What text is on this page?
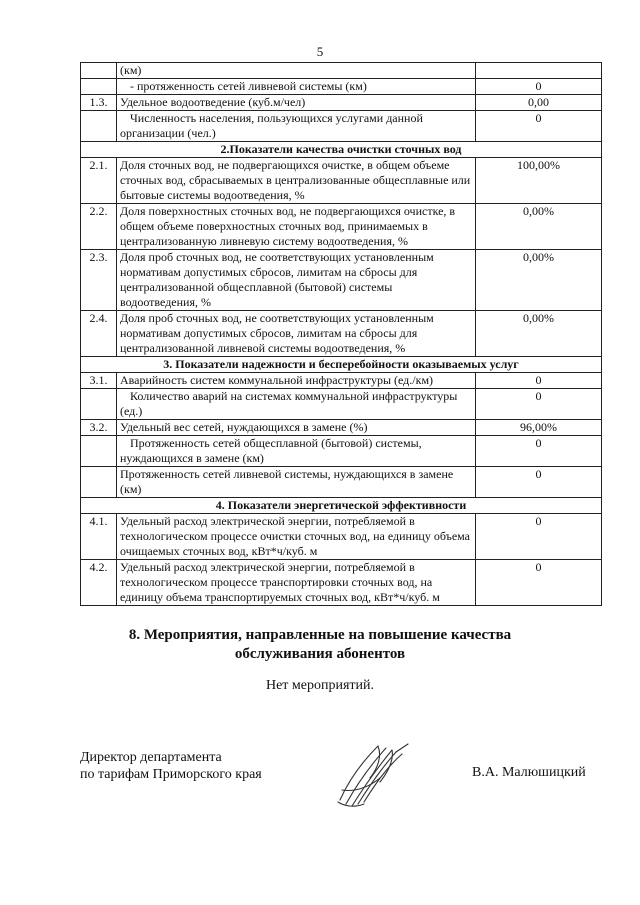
5
	(км)	
	- протяженность сетей ливневой системы (км)	0
1.3.	Удельное водоотведение (куб.м/чел)	0,00
	Численность населения, пользующихся услугами данной организации (чел.)	0
2.Показатели качества очистки сточных вод		
2.1.	Доля сточных вод, не подвергающихся очистке, в общем объеме сточных вод, сбрасываемых в централизованные общесплавные или бытовые системы водоотведения, %	100,00%
2.2.	Доля поверхностных сточных вод, не подвергающихся очистке, в общем объеме поверхностных сточных вод, принимаемых в централизованную ливневую систему водоотведения, %	0,00%
2.3.	Доля проб сточных вод, не соответствующих установленным нормативам допустимых сбросов, лимитам на сбросы для централизованной общесплавной (бытовой) системы водоотведения, %	0,00%
2.4.	Доля проб сточных вод, не соответствующих установленным нормативам допустимых сбросов, лимитам на сбросы для централизованной ливневой системы водоотведения, %	0,00%
3. Показатели надежности и бесперебойности оказываемых услуг		
3.1.	Аварийность систем коммунальной инфраструктуры (ед./км)	0
	Количество аварий на системах коммунальной инфраструктуры (ед.)	0
3.2.	Удельный вес сетей, нуждающихся в замене (%)	96,00%
	Протяженность сетей общесплавной (бытовой) системы, нуждающихся в замене (км)	0
	Протяженность сетей ливневой системы, нуждающихся в замене (км)	0
4. Показатели энергетической эффективности		
4.1.	Удельный расход электрической энергии, потребляемой в технологическом процессе очистки сточных вод, на единицу объема очищаемых сточных вод, кВт*ч/куб. м	0
4.2.	Удельный расход электрической энергии, потребляемой в технологическом процессе транспортировки сточных вод, на единицу объема транспортируемых сточных вод, кВт*ч/куб. м	0
8. Мероприятия, направленные на повышение качества
обслуживания абонентов
Нет мероприятий.
Директор департамента
по тарифам Приморского края	В.А. Малюшицкий
